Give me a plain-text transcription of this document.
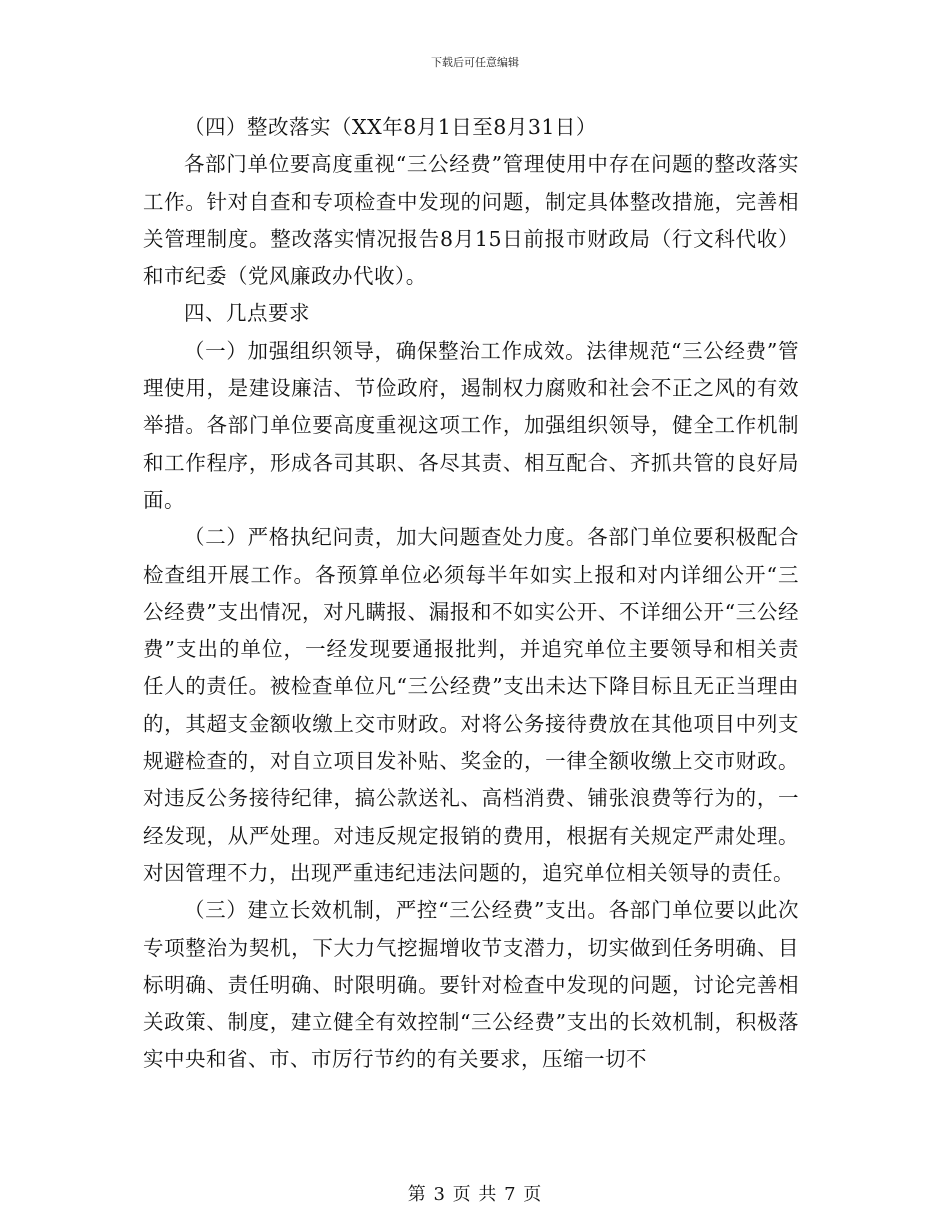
下载后可任意编辑

（四）整改落实（XX年8月1日至8月31日）

各部门单位要高度重视“三公经费”管理使用中存在问题的整改落实工作。针对自查和专项检查中发现的问题，制定具体整改措施，完善相关管理制度。整改落实情况报告8月15日前报市财政局（行文科代收）和市纪委（党风廉政办代收）。

四、几点要求

（一）加强组织领导，确保整治工作成效。法律规范“三公经费”管理使用，是建设廉洁、节俭政府，遏制权力腐败和社会不正之风的有效举措。各部门单位要高度重视这项工作，加强组织领导，健全工作机制和工作程序，形成各司其职、各尽其责、相互配合、齐抓共管的良好局面。

（二）严格执纪问责，加大问题查处力度。各部门单位要积极配合检查组开展工作。各预算单位必须每半年如实上报和对内详细公开“三公经费”支出情况，对凡瞒报、漏报和不如实公开、不详细公开“三公经费”支出的单位，一经发现要通报批判，并追究单位主要领导和相关责任人的责任。被检查单位凡“三公经费”支出未达下降目标且无正当理由的，其超支金额收缴上交市财政。对将公务接待费放在其他项目中列支规避检查的，对自立项目发补贴、奖金的，一律全额收缴上交市财政。对违反公务接待纪律，搞公款送礼、高档消费、铺张浪费等行为的，一经发现，从严处理。对违反规定报销的费用，根据有关规定严肃处理。对因管理不力，出现严重违纪违法问题的，追究单位相关领导的责任。

（三）建立长效机制，严控“三公经费”支出。各部门单位要以此次专项整治为契机，下大力气挖掘增收节支潜力，切实做到任务明确、目标明确、责任明确、时限明确。要针对检查中发现的问题，讨论完善相关政策、制度，建立健全有效控制“三公经费”支出的长效机制，积极落实中央和省、市、市厉行节约的有关要求，压缩一切不

第 3 页 共 7 页
